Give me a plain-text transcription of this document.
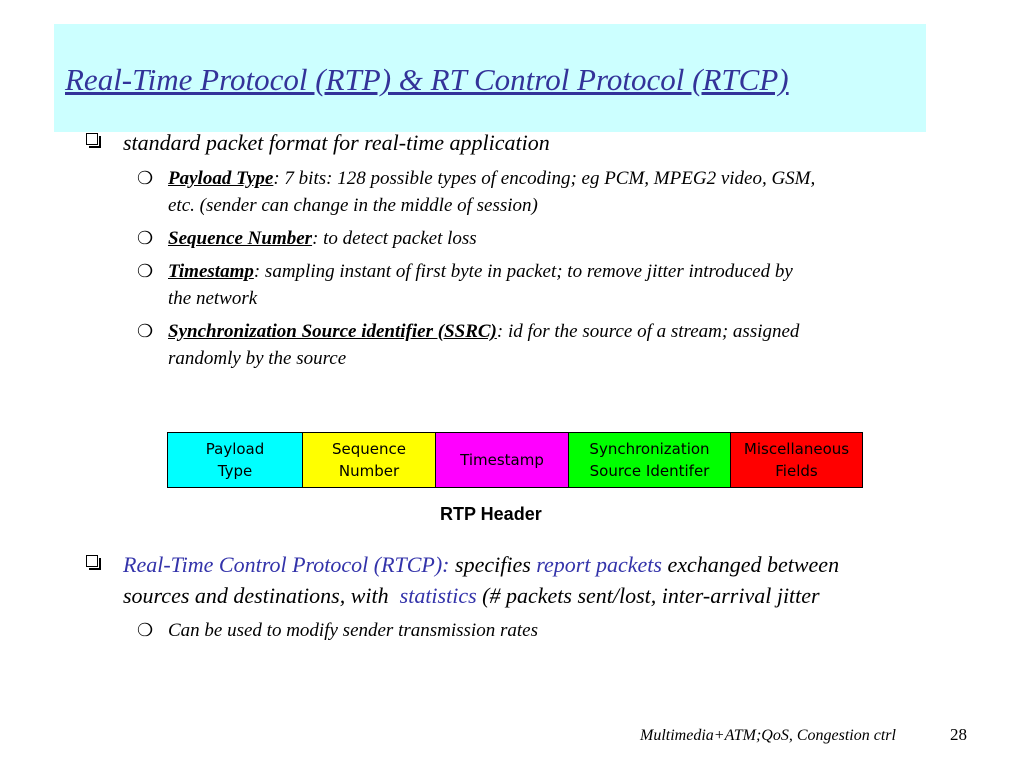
Real-Time Protocol (RTP) & RT Control Protocol (RTCP)

standard packet format for real-time application

❍ Payload Type: 7 bits: 128 possible types of encoding; eg PCM, MPEG2 video, GSM,

etc. (sender can change in the middle of session)

❍ Sequence Number: to detect packet loss

❍ Timestamp: sampling instant of first byte in packet; to remove jitter introduced by

the network

❍ Synchronization Source identifier (SSRC): id for the source of a stream; assigned

randomly by the source

Payload
Type
Sequence
Number
Timestamp
Synchronization
Source Identifer
Miscellaneous
Fields
RTP Header

Real-Time Control Protocol (RTCP): specifies report packets exchanged between

sources and destinations, with  statistics (# packets sent/lost, inter-arrival jitter

❍ Can be used to modify sender transmission rates

Multimedia+ATM;QoS, Congestion ctrl	28
